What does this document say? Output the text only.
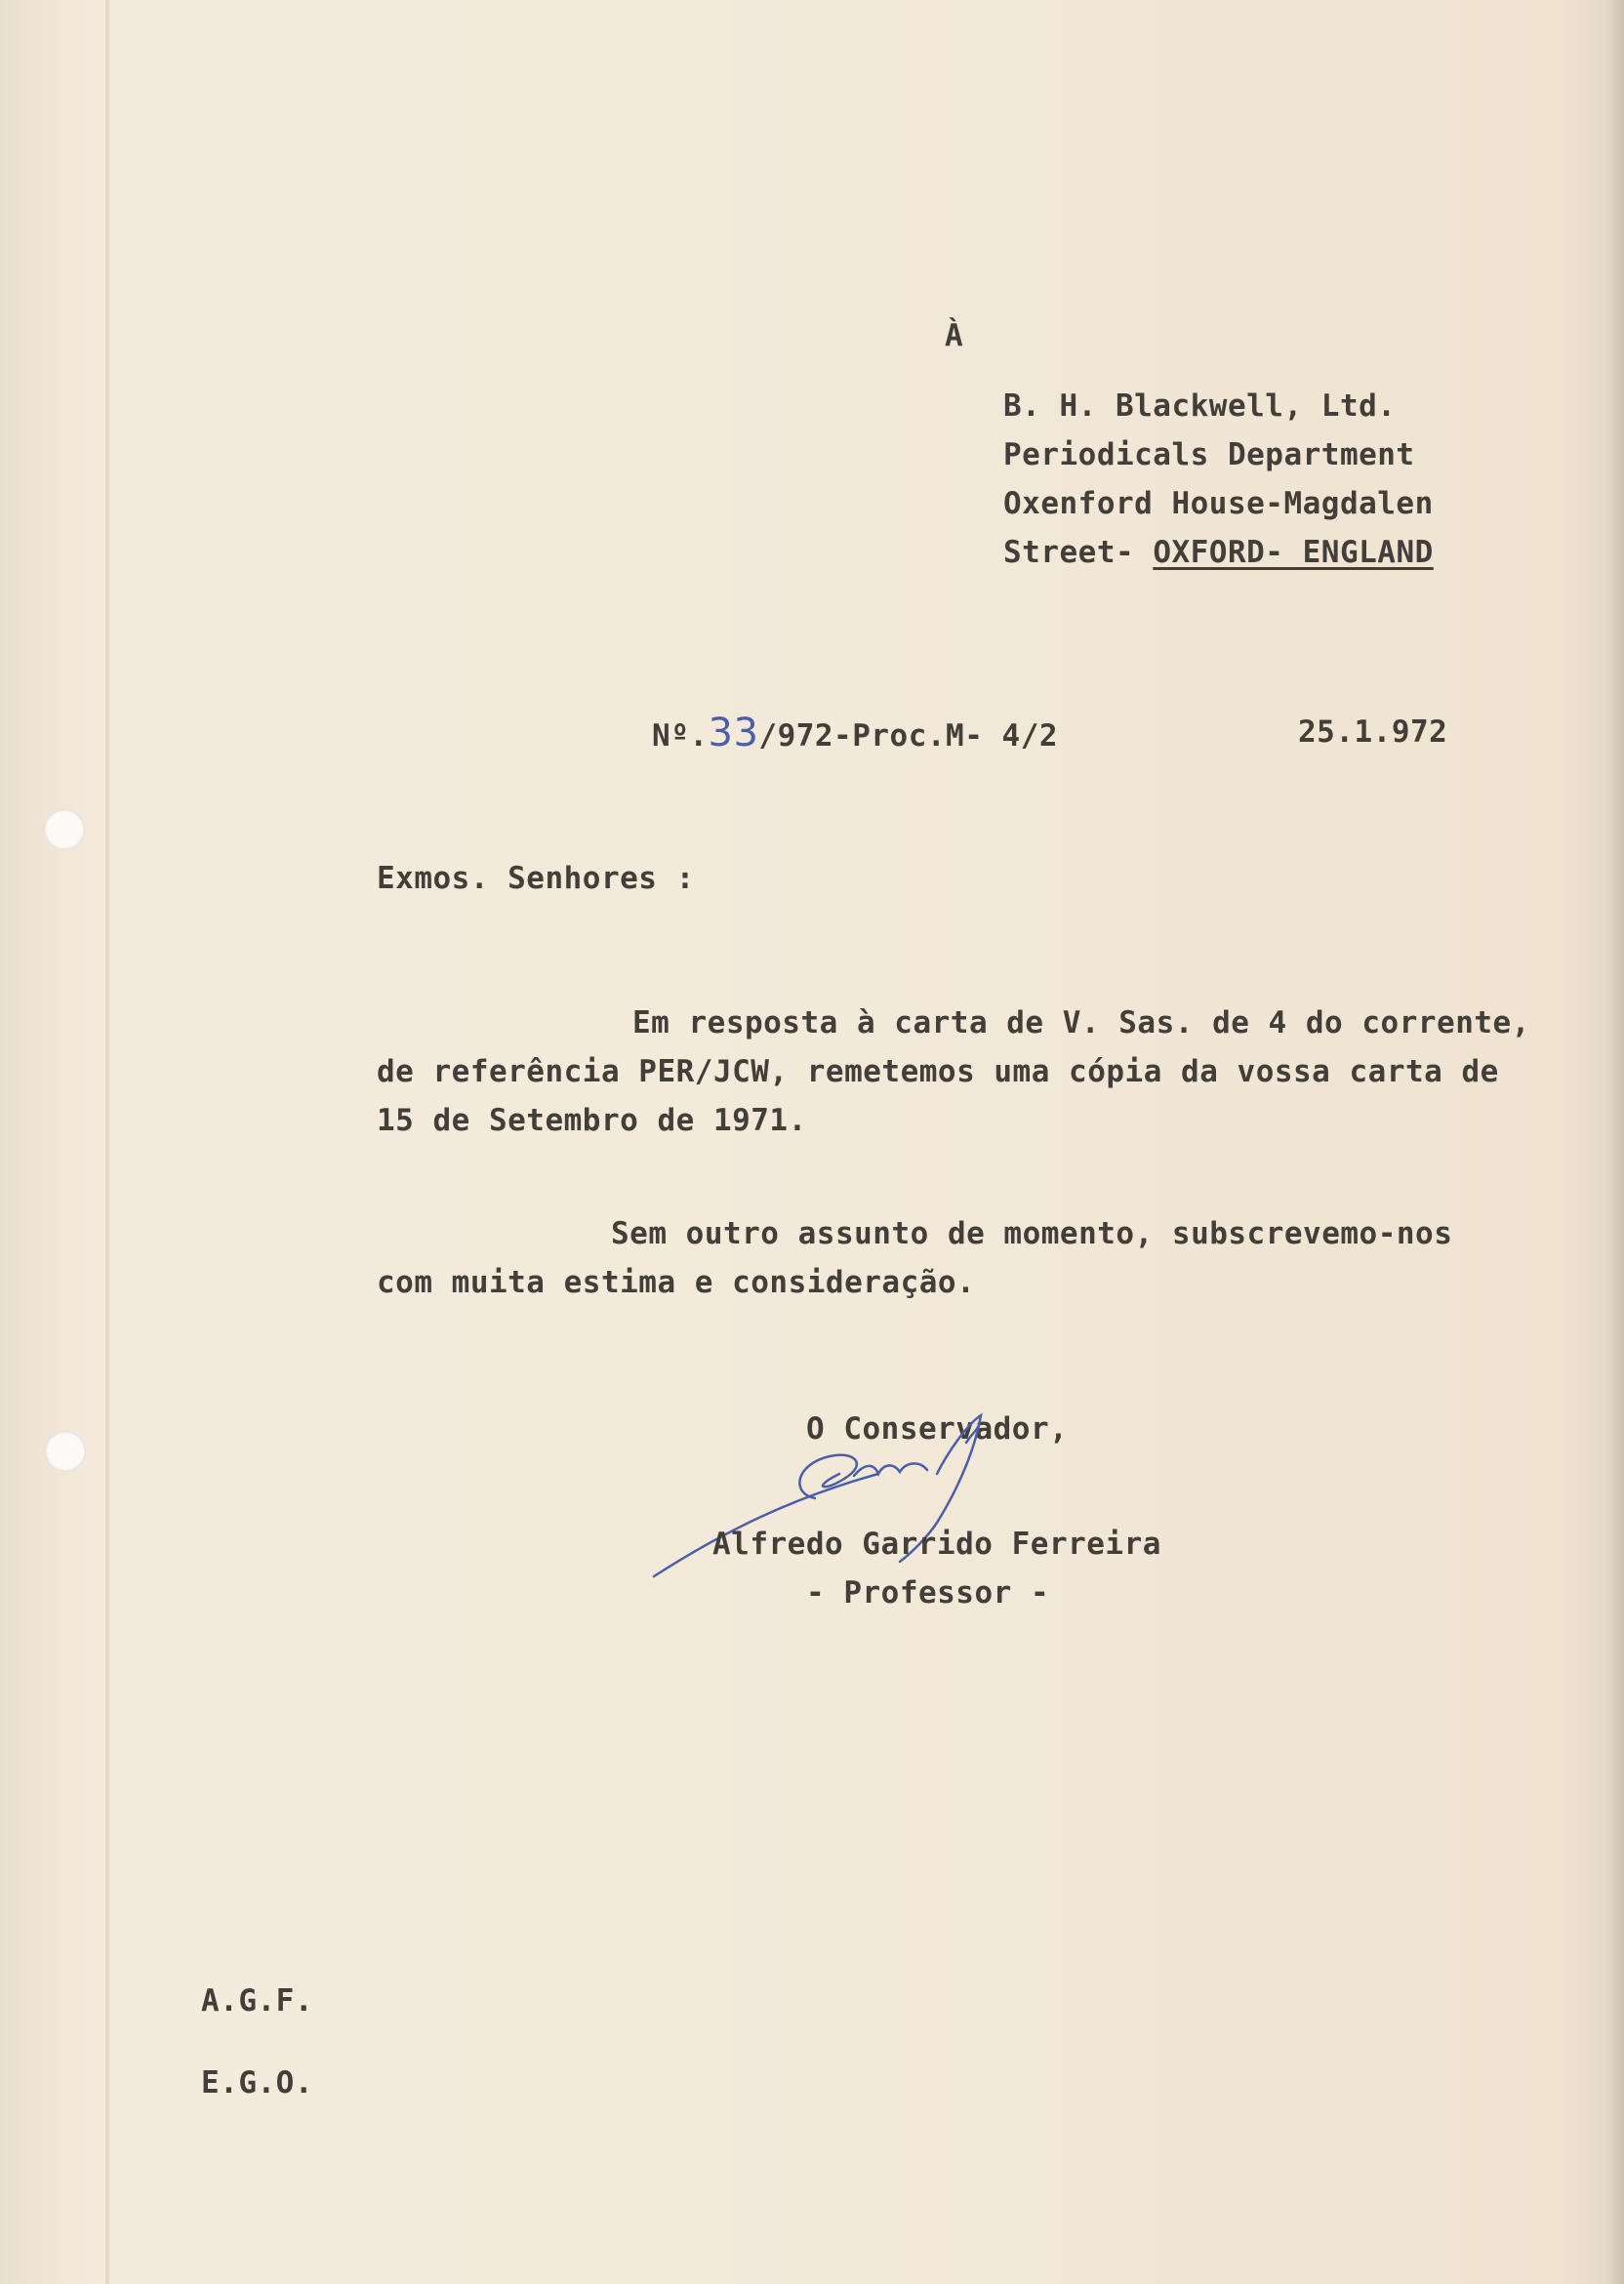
À
B. H. Blackwell, Ltd.
Periodicals Department
Oxenford House-Magdalen
Street- OXFORD- ENGLAND
Nº.33/972-Proc.M- 4/2	25.1.972
Exmos. Senhores :
Em resposta à carta de V. Sas. de 4 do corrente,
de referência PER/JCW, remetemos uma cópia da vossa carta de
15 de Setembro de 1971.
Sem outro assunto de momento, subscrevemo-nos
com muita estima e consideração.
O Conservador,
Alfredo Garrido Ferreira
- Professor -
A.G.F.
E.G.O.
